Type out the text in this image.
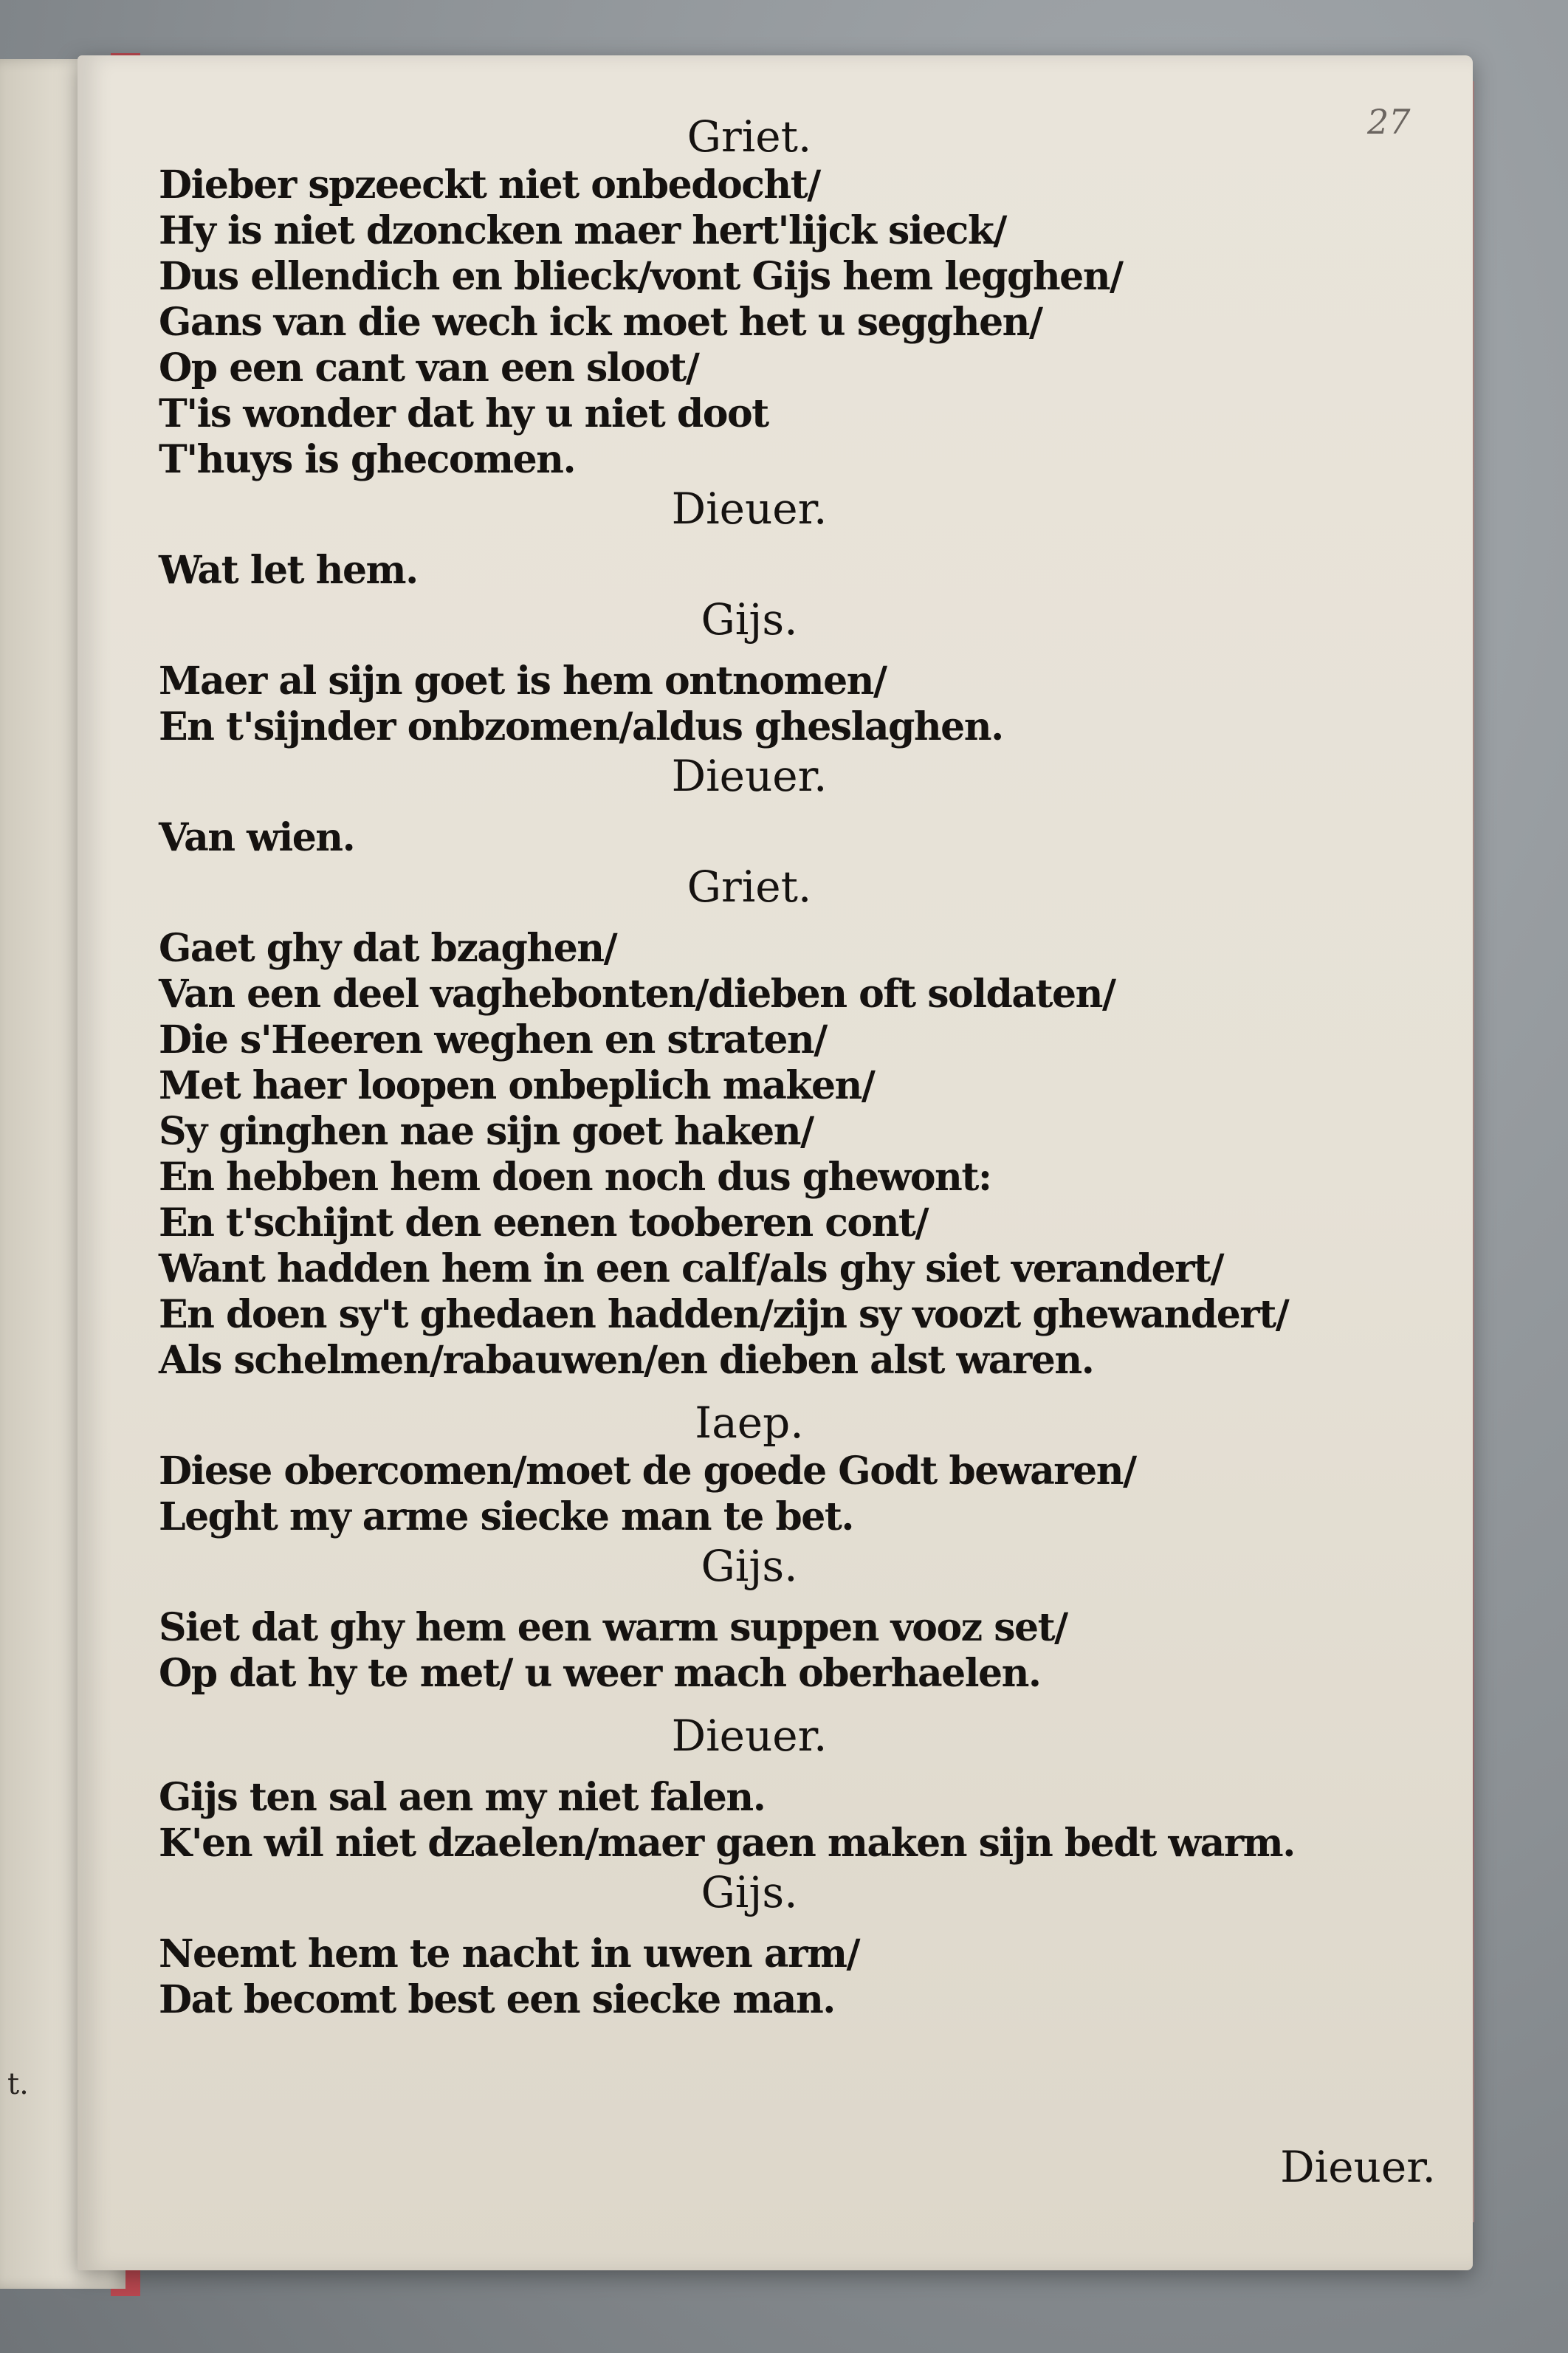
t.
27
Griet.

Dieber spzeeckt niet onbedocht/

Hy is niet dzoncken maer hert'lijck sieck/

Dus ellendich en blieck/vont Gijs hem legghen/

Gans van die wech ick moet het u segghen/

Op een cant van een sloot/

T'is wonder dat hy u niet doot

T'huys is ghecomen.

Dieuer.

Wat let hem.

Gijs.

Maer al sijn goet is hem ontnomen/

En t'sijnder onbzomen/aldus gheslaghen.

Dieuer.

Van wien.

Griet.

Gaet ghy dat bzaghen/

Van een deel vaghebonten/dieben oft soldaten/

Die s'Heeren weghen en straten/

Met haer loopen onbeplich maken/

Sy ginghen nae sijn goet haken/

En hebben hem doen noch dus ghewont:

En t'schijnt den eenen tooberen cont/

Want hadden hem in een calf/als ghy siet verandert/

En doen sy't ghedaen hadden/zijn sy voozt ghewandert/

Als schelmen/rabauwen/en dieben alst waren.

Iaep.

Diese obercomen/moet de goede Godt bewaren/

Leght my arme siecke man te bet.

Gijs.

Siet dat ghy hem een warm suppen vooz set/

Op dat hy te met/ u weer mach oberhaelen.

Dieuer.

Gijs ten sal aen my niet falen.

K'en wil niet dzaelen/maer gaen maken sijn bedt warm.

Gijs.

Neemt hem te nacht in uwen arm/

Dat becomt best een siecke man.

Dieuer.
